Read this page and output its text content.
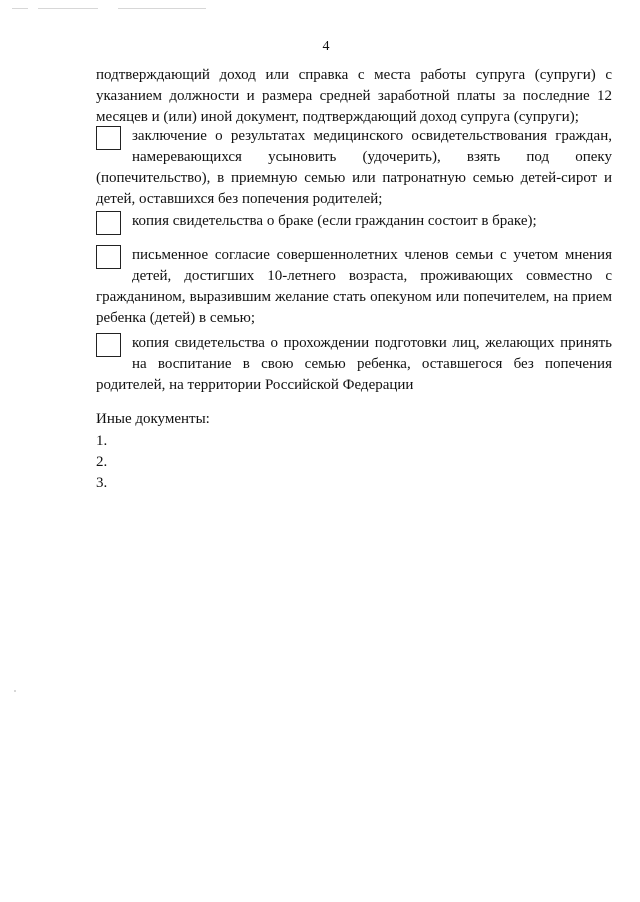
4

подтверждающий доход или справка с места работы супруга (супруги) с указанием должности и размера средней заработной платы за последние 12 месяцев и (или) иной документ, подтверждающий доход супруга (супруги);

заключение о результатах медицинского освидетельствования граждан, намеревающихся усыновить (удочерить), взять под опеку (попечительство), в приемную семью или патронатную семью детей-сирот и детей, оставшихся без попечения родителей;

копия свидетельства о браке (если гражданин состоит в браке);

письменное согласие совершеннолетних членов семьи с учетом мнения детей, достигших 10-летнего возраста, проживающих совместно с гражданином, выразившим желание стать опекуном или попечителем, на прием ребенка (детей) в семью;

копия свидетельства о прохождении подготовки лиц, желающих принять на воспитание в свою семью ребенка, оставшегося без попечения родителей, на территории Российской Федерации

Иные документы:

1.
2.
3.
